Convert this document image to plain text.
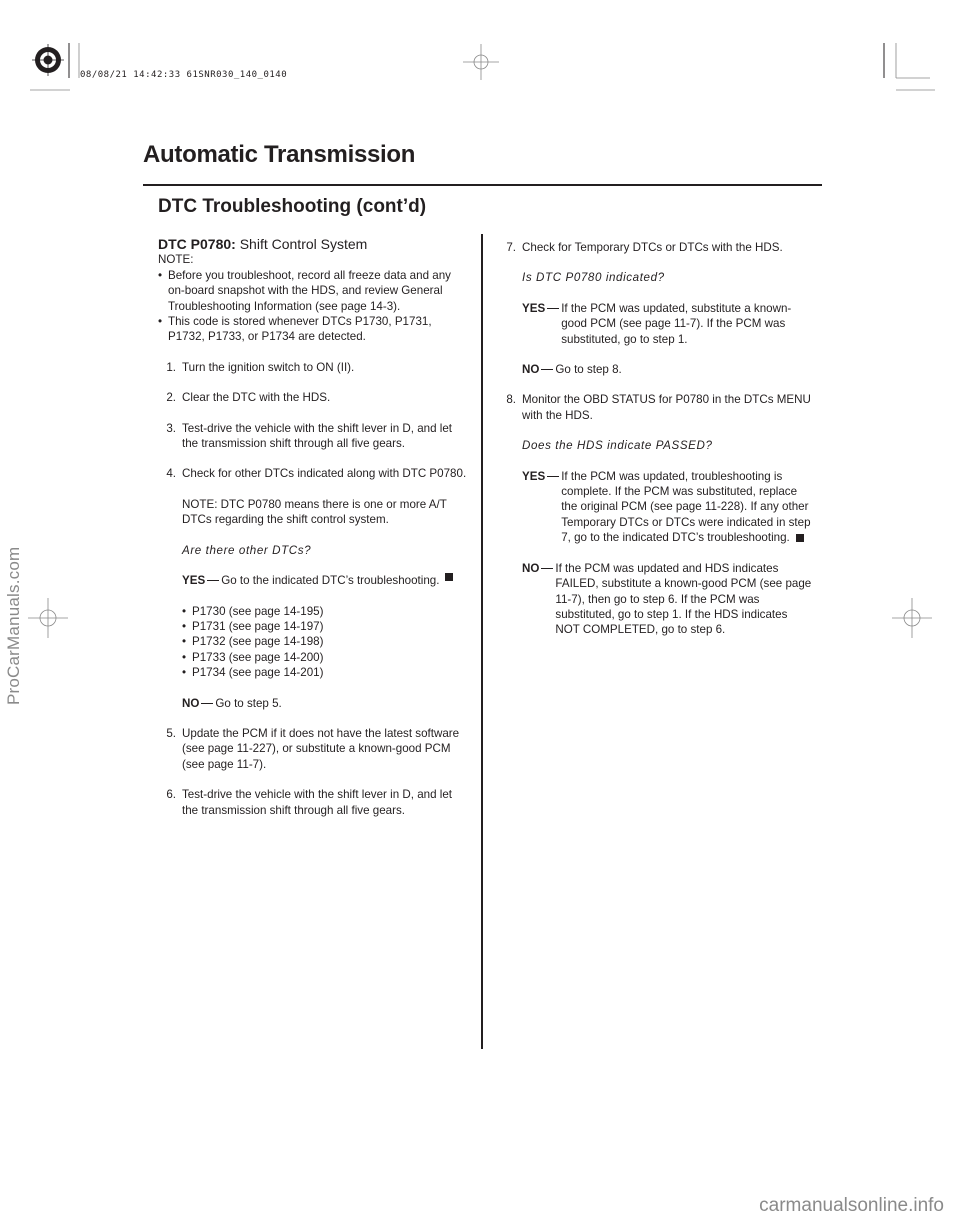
08/08/21 14:42:33 61SNR030_140_0140
Automatic Transmission
DTC Troubleshooting (cont’d)

DTC P0780: Shift Control System

NOTE:

• Before you troubleshoot, record all freeze data and any on-board snapshot with the HDS, and review General Troubleshooting Information (see page 14-3).
• This code is stored whenever DTCs P1730, P1731, P1732, P1733, or P1734 are detected.
1. Turn the ignition switch to ON (II).
2. Clear the DTC with the HDS.
3. Test-drive the vehicle with the shift lever in D, and let the transmission shift through all five gears.
4. Check for other DTCs indicated along with DTC P0780.
NOTE: DTC P0780 means there is one or more A/T DTCs regarding the shift control system.
Are there other DTCs?
YES Go to the indicated DTC’s troubleshooting.
• P1730 (see page 14-195)
• P1731 (see page 14-197)
• P1732 (see page 14-198)
• P1733 (see page 14-200)
• P1734 (see page 14-201)
NO Go to step 5.
5. Update the PCM if it does not have the latest software (see page 11-227), or substitute a known-good PCM (see page 11-7).
6. Test-drive the vehicle with the shift lever in D, and let the transmission shift through all five gears.
7. Check for Temporary DTCs or DTCs with the HDS.
Is DTC P0780 indicated?
YES If the PCM was updated, substitute a known-good PCM (see page 11-7). If the PCM was substituted, go to step 1.
NO Go to step 8.
8. Monitor the OBD STATUS for P0780 in the DTCs MENU with the HDS.
Does the HDS indicate PASSED?
YES If the PCM was updated, troubleshooting is complete. If the PCM was substituted, replace the original PCM (see page 11-228). If any other Temporary DTCs or DTCs were indicated in step 7, go to the indicated DTC’s troubleshooting.
NO If the PCM was updated and HDS indicates FAILED, substitute a known-good PCM (see page 11-7), then go to step 6. If the PCM was substituted, go to step 1. If the HDS indicates NOT COMPLETED, go to step 6.
ProCarManuals.com
carmanualsonline.info
